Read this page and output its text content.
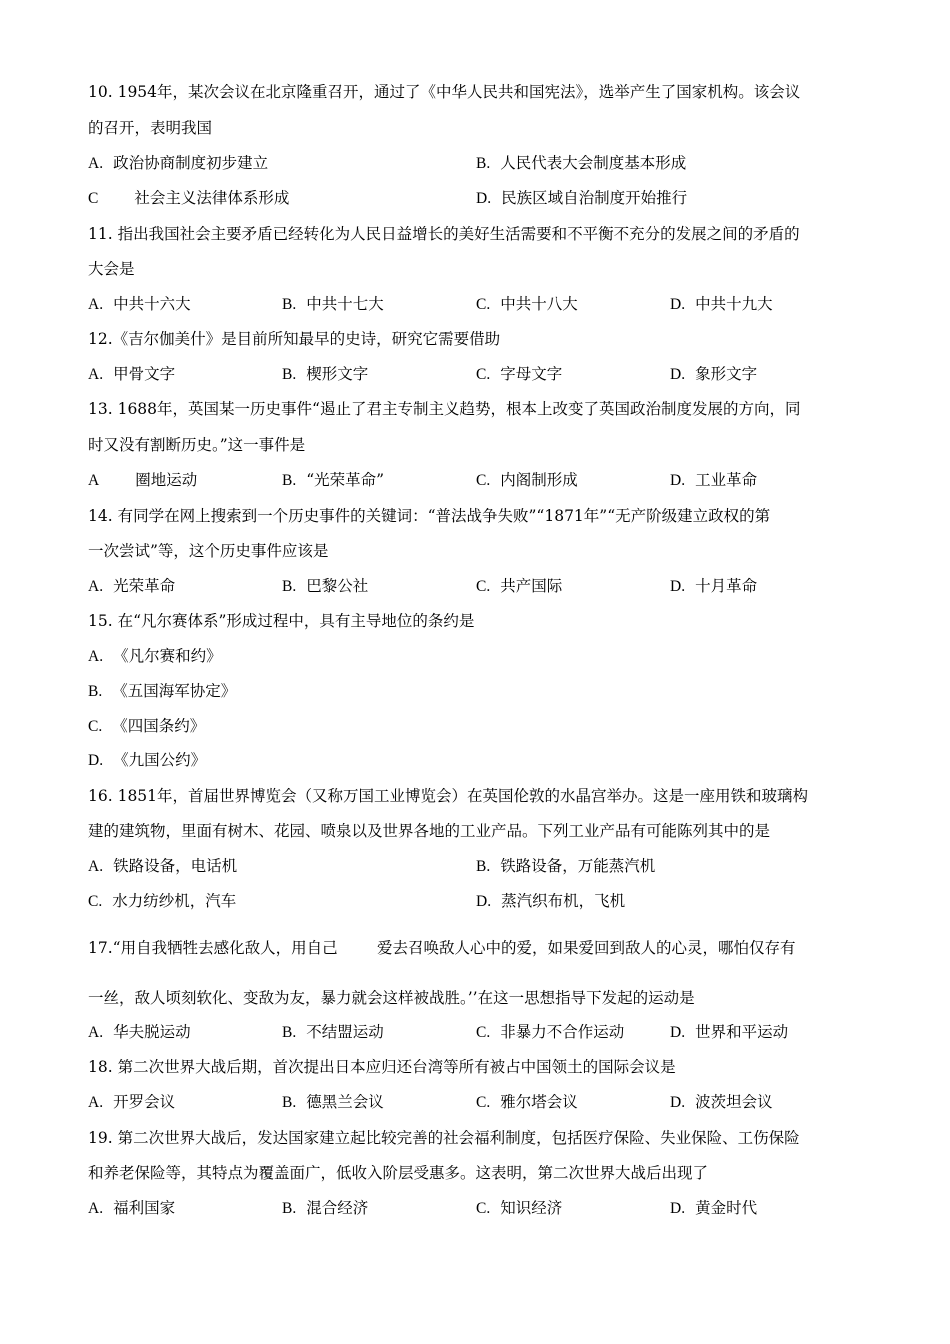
10. 1954年，某次会议在北京隆重召开，通过了《中华人民共和国宪法》，选举产生了国家机构。该会议
的召开，表明我国
A. 政治协商制度初步建立	B. 人民代表大会制度基本形成
C 社会主义法律体系形成	D. 民族区域自治制度开始推行
11. 指出我国社会主要矛盾已经转化为人民日益增长的美好生活需要和不平衡不充分的发展之间的矛盾的
大会是
A. 中共十六大	B. 中共十七大	C. 中共十八大	D. 中共十九大
12.《吉尔伽美什》是目前所知最早的史诗，研究它需要借助
A. 甲骨文字	B. 楔形文字	C. 字母文字	D. 象形文字
13. 1688年，英国某一历史事件“遏止了君主专制主义趋势，根本上改变了英国政治制度发展的方向，同
时又没有割断历史。”这一事件是
A 圈地运动	B. “光荣革命”	C. 内阁制形成	D. 工业革命
14. 有同学在网上搜索到一个历史事件的关键词：“普法战争失败”“1871年”“无产阶级建立政权的第
一次尝试”等，这个历史事件应该是
A. 光荣革命	B. 巴黎公社	C. 共产国际	D. 十月革命
15. 在“凡尔赛体系”形成过程中，具有主导地位的条约是
A. 《凡尔赛和约》
B. 《五国海军协定》
C. 《四国条约》
D. 《九国公约》
16. 1851年，首届世界博览会（又称万国工业博览会）在英国伦敦的水晶宫举办。这是一座用铁和玻璃构
建的建筑物，里面有树木、花园、喷泉以及世界各地的工业产品。下列工业产品有可能陈列其中的是
A. 铁路设备，电话机	B. 铁路设备，万能蒸汽机
C. 水力纺纱机，汽车	D. 蒸汽织布机，飞机
17.“用自我牺牲去感化敌人，用自己        爱去召唤敌人心中的爱，如果爱回到敌人的心灵，哪怕仅存有
一丝，敌人顷刻软化、变敌为友，暴力就会这样被战胜。’’在这一思想指导下发起的运动是
A. 华夫脱运动	B. 不结盟运动	C. 非暴力不合作运动	D. 世界和平运动
18. 第二次世界大战后期，首次提出日本应归还台湾等所有被占中国领土的国际会议是
A. 开罗会议	B. 德黑兰会议	C. 雅尔塔会议	D. 波茨坦会议
19. 第二次世界大战后，发达国家建立起比较完善的社会福利制度，包括医疗保险、失业保险、工伤保险
和养老保险等，其特点为覆盖面广，低收入阶层受惠多。这表明，第二次世界大战后出现了
A. 福利国家	B. 混合经济	C. 知识经济	D. 黄金时代
